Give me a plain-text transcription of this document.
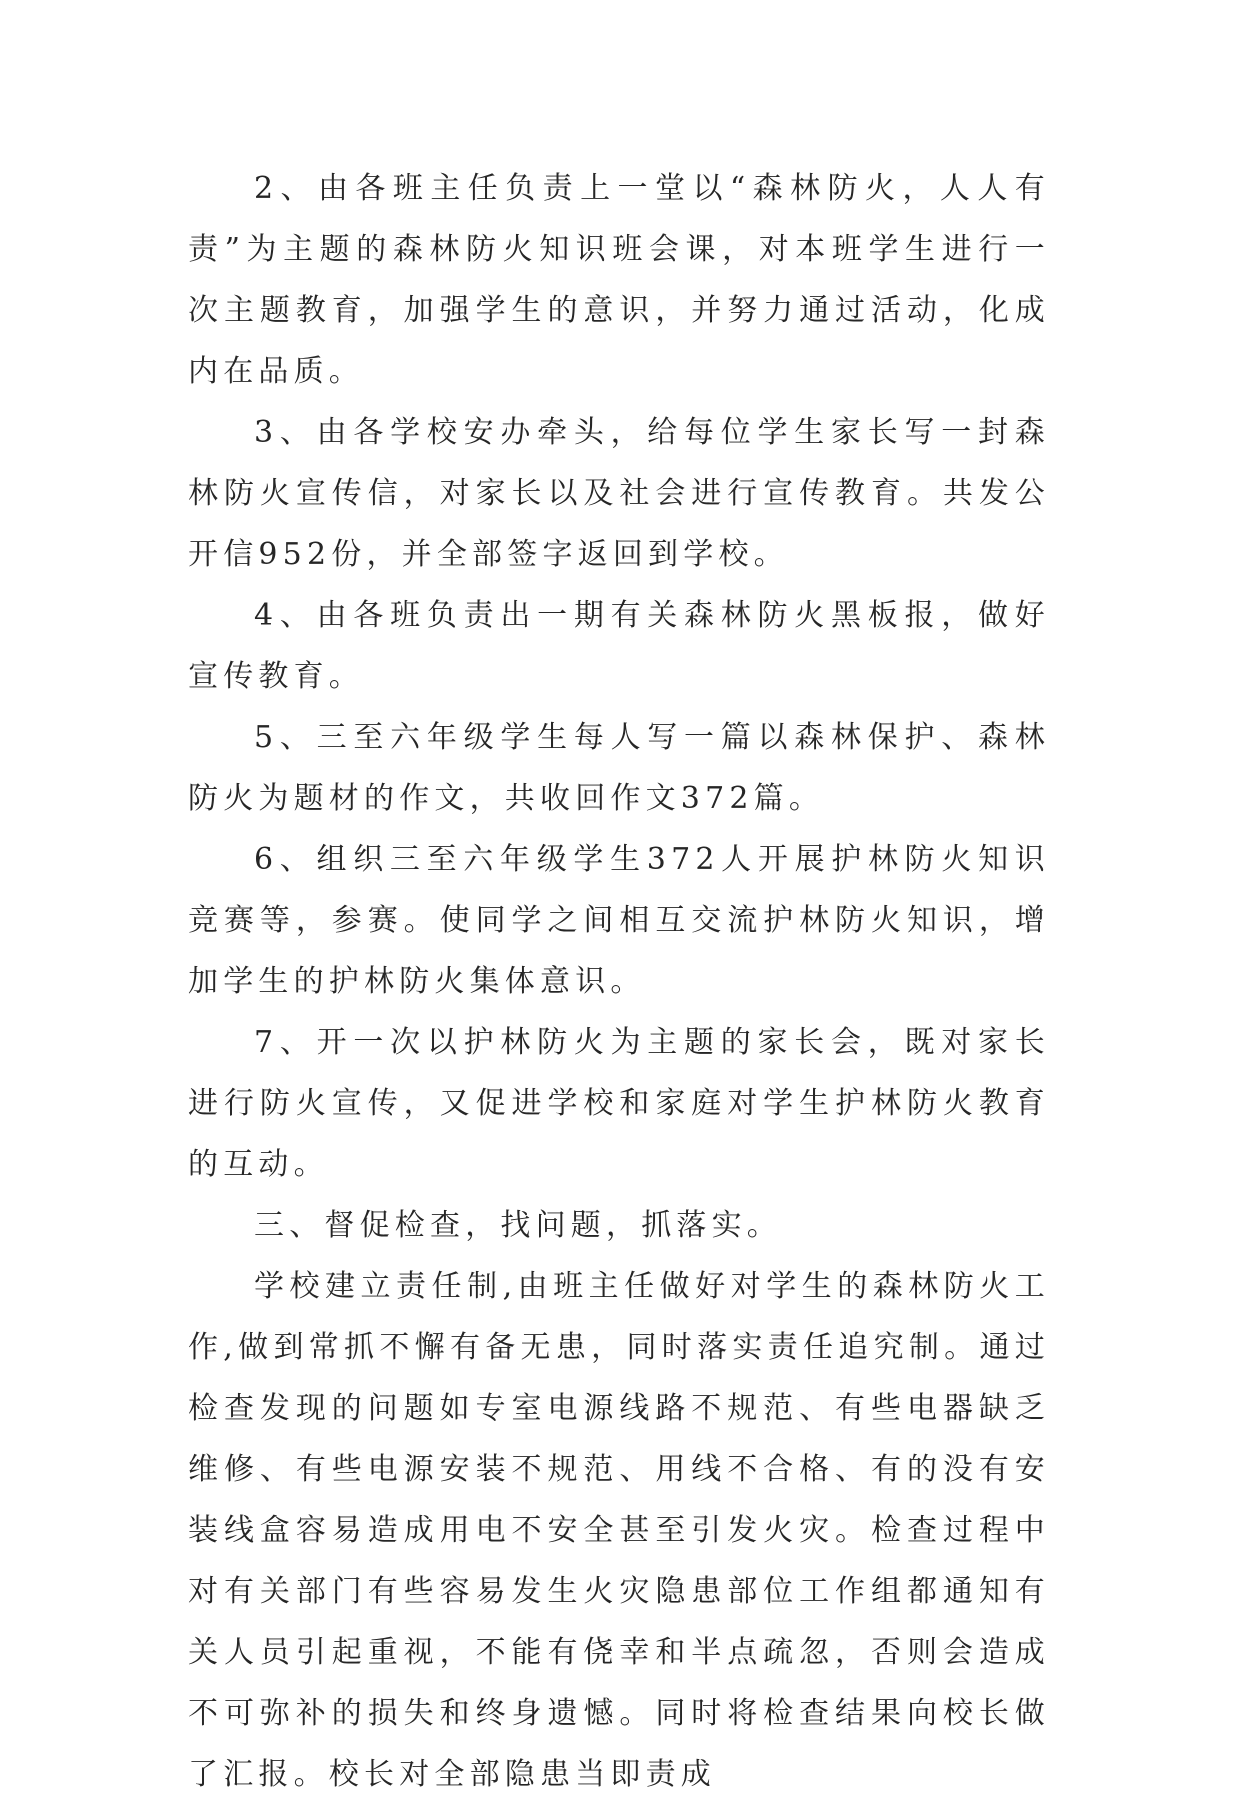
2、由各班主任负责上一堂以“森林防火，人人有责”为主题的森林防火知识班会课，对本班学生进行一次主题教育，加强学生的意识，并努力通过活动，化成内在品质。

3、由各学校安办牵头，给每位学生家长写一封森林防火宣传信，对家长以及社会进行宣传教育。共发公开信952份，并全部签字返回到学校。

4、由各班负责出一期有关森林防火黑板报，做好宣传教育。

5、三至六年级学生每人写一篇以森林保护、森林防火为题材的作文，共收回作文372篇。

6、组织三至六年级学生372人开展护林防火知识竞赛等，参赛。使同学之间相互交流护林防火知识，增加学生的护林防火集体意识。

7、开一次以护林防火为主题的家长会，既对家长进行防火宣传，又促进学校和家庭对学生护林防火教育的互动。

三、督促检查，找问题，抓落实。

学校建立责任制,由班主任做好对学生的森林防火工作,做到常抓不懈有备无患，同时落实责任追究制。通过检查发现的问题如专室电源线路不规范、有些电器缺乏维修、有些电源安装不规范、用线不合格、有的没有安装线盒容易造成用电不安全甚至引发火灾。检查过程中对有关部门有些容易发生火灾隐患部位工作组都通知有关人员引起重视，不能有侥幸和半点疏忽，否则会造成不可弥补的损失和终身遗憾。同时将检查结果向校长做了汇报。校长对全部隐患当即责成
